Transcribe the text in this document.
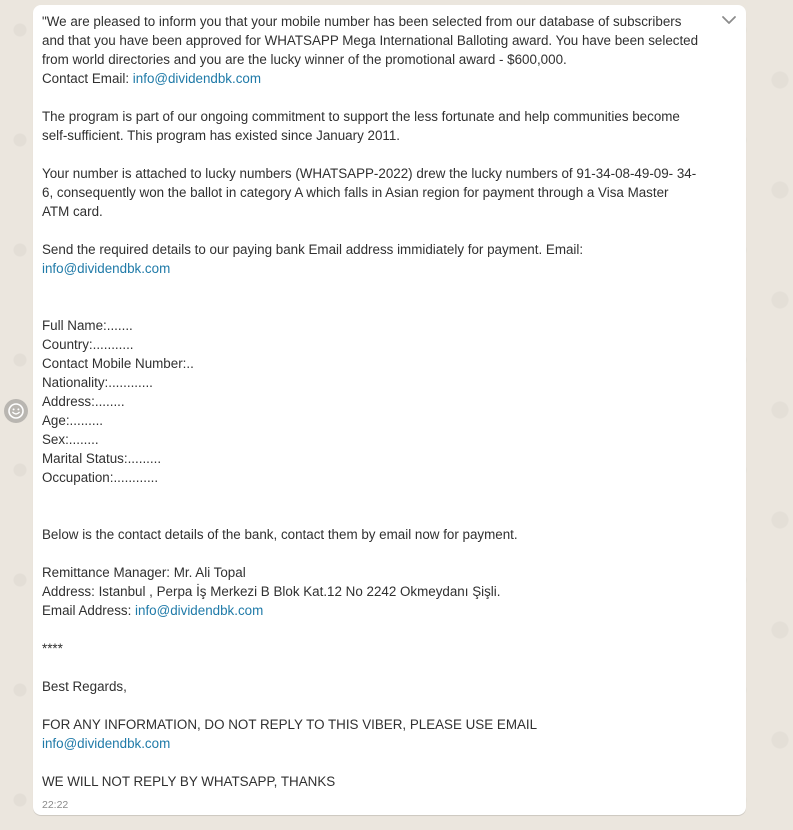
"We are pleased to inform you that your mobile number has been selected from our database of subscribers
and that you have been approved for WHATSAPP Mega International Balloting award. You have been selected
from world directories and you are the lucky winner of the promotional award - $600,000.
Contact Email: info@dividendbk.com
The program is part of our ongoing commitment to support the less fortunate and help communities become
self-sufficient. This program has existed since January 2011.
Your number is attached to lucky numbers (WHATSAPP-2022) drew the lucky numbers of 91-34-08-49-09- 34-
6, consequently won the ballot in category A which falls in Asian region for payment through a Visa Master
ATM card.
Send the required details to our paying bank Email address immidiately for payment. Email:
info@dividendbk.com
Full Name:.......
Country:...........
Contact Mobile Number:..
Nationality:............
Address:........
Age:.........
Sex:........
Marital Status:.........
Occupation:............
Below is the contact details of the bank, contact them by email now for payment.
Remittance Manager: Mr. Ali Topal
Address: Istanbul , Perpa İş Merkezi B Blok Kat.12 No 2242 Okmeydanı Şişli.
Email Address: info@dividendbk.com
****
Best Regards,
FOR ANY INFORMATION, DO NOT REPLY TO THIS VIBER, PLEASE USE EMAIL
info@dividendbk.com
WE WILL NOT REPLY BY WHATSAPP, THANKS
22:22
